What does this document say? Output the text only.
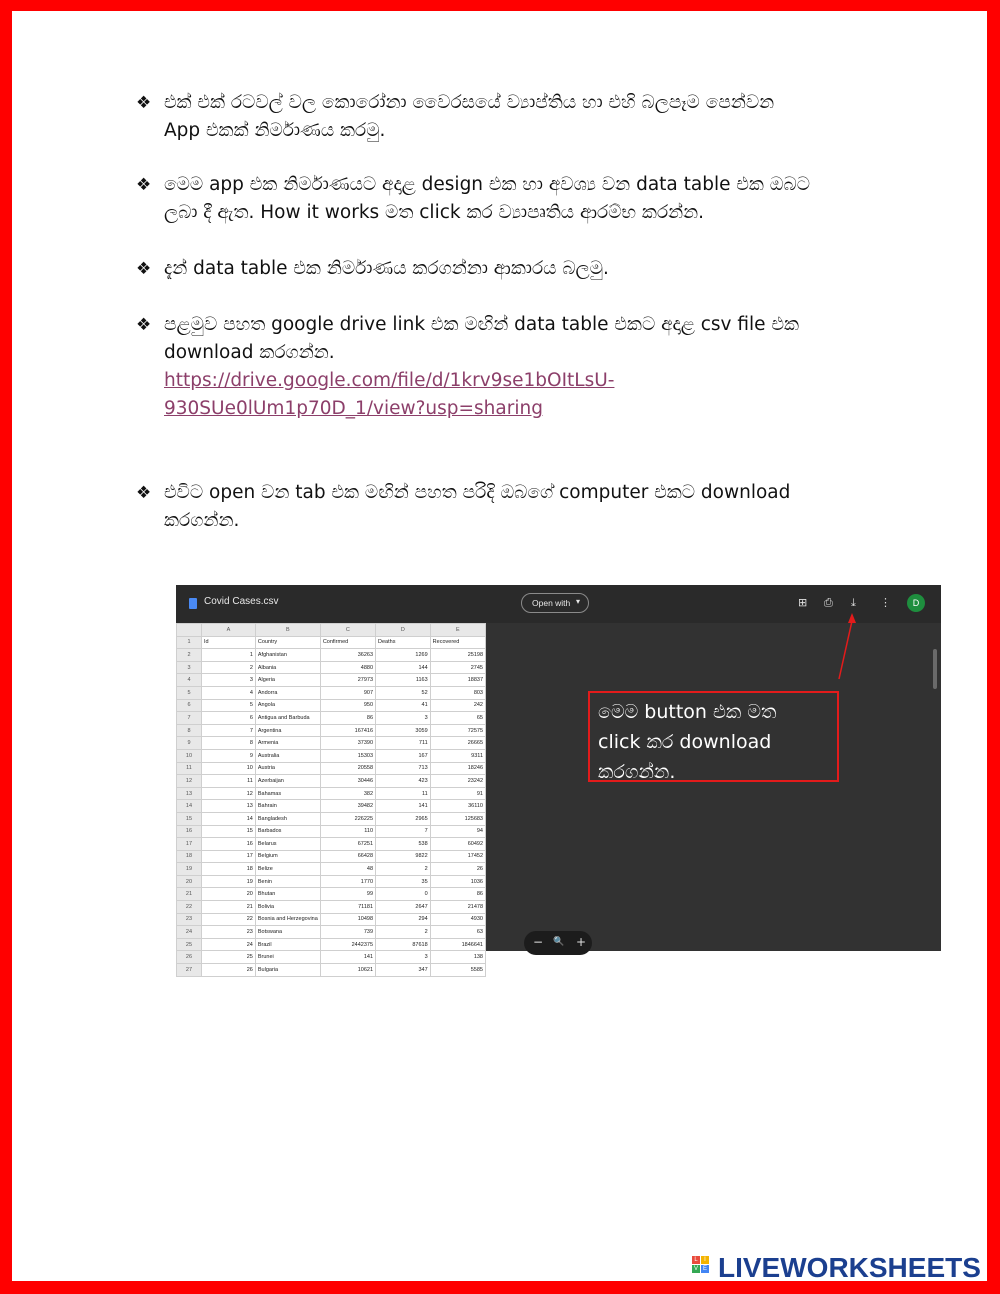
❖ එක් එක් රටවල් වල කොරෝනා වෛරසයේ ව්‍යාප්තිය හා එහි බලපෑම පෙන්වන
App එකක් නිර්මාණය කරමු.
❖ මෙම app එක නිර්මාණයට අදාළ design එක හා අවශ්‍ය වන data table එක ඔබට
ලබා දී ඇත. How it works මත click කර ව්‍යාපෘතිය ආරම්භ කරන්න.
❖ දැන් data table එක නිර්මාණය කරගන්නා ආකාරය බලමු.
❖ පළමුව පහත google drive link එක මඟින් data table එකට අදාළ csv file එක
download කරගන්න.
https://drive.google.com/file/d/1krv9se1bOItLsU-
930SUe0lUm1p70D_1/view?usp=sharing
❖ එවිට open වන tab එක මඟින් පහත පරිදි ඔබගේ computer එකට download
කරගන්න.
Covid Cases.csv	Open with ▾	⊞ ⎙ ⤓ ⋮	D
	A	B	C	D	E
1	Id	Country	Confirmed	Deaths	Recovered
2	1	Afghanistan	36263	1269	25198
3	2	Albania	4880	144	2745
4	3	Algeria	27973	1163	18837
5	4	Andorra	907	52	803
6	5	Angola	950	41	242
7	6	Antigua and Barbuda	86	3	65
8	7	Argentina	167416	3059	72575
9	8	Armenia	37390	711	26665
10	9	Australia	15303	167	9311
11	10	Austria	20558	713	18246
12	11	Azerbaijan	30446	423	23242
13	12	Bahamas	382	11	91
14	13	Bahrain	39482	141	36110
15	14	Bangladesh	226225	2965	125683
16	15	Barbados	110	7	94
17	16	Belarus	67251	538	60492
18	17	Belgium	66428	9822	17452
19	18	Belize	48	2	26
20	19	Benin	1770	35	1036
21	20	Bhutan	99	0	86
22	21	Bolivia	71181	2647	21478
23	22	Bosnia and Herzegovina	10498	294	4930
24	23	Botswana	739	2	63
25	24	Brazil	2442375	87618	1846641
26	25	Brunei	141	3	138
27	26	Bulgaria	10621	347	5585
− 🔍 +
මෙම button එක මත
click කර download
කරගන්න.
L	I
V E LIVEWORKSHEETS
